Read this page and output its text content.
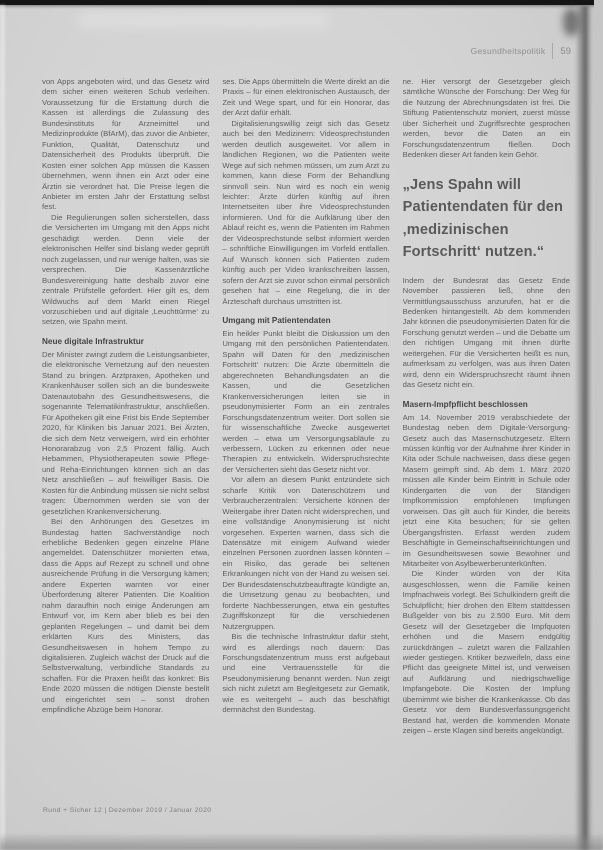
Gesundheitspolitik 59

von Apps angeboten wird, und das Gesetz wird dem sicher einen weiteren Schub verleihen. Voraussetzung für die Erstattung durch die Kassen ist allerdings die Zulassung des Bundesinstituts für Arzneimittel und Medizinprodukte (BfArM), das zuvor die Anbieter, Funktion, Qualität, Datenschutz und Datensicherheit des Produkts überprüft. Die Kosten einer solchen App müssen die Kassen übernehmen, wenn ihnen ein Arzt oder eine Ärztin sie verordnet hat. Die Preise legen die Anbieter im ersten Jahr der Erstattung selbst fest.

Die Regulierungen sollen sicherstellen, dass die Versicherten im Umgang mit den Apps nicht geschädigt werden. Denn viele der elektronischen Helfer sind bislang weder geprüft noch zugelassen, und nur wenige halten, was sie versprechen. Die Kassenärztliche Bundesvereinigung hatte deshalb zuvor eine zentrale Prüfstelle gefordert. Hier gilt es, dem Wildwuchs auf dem Markt einen Riegel vorzuschieben und auf digitale ‚Leuchttürme‘ zu setzen, wie Spahn meint.

Neue digitale Infrastruktur

Der Minister zwingt zudem die Leistungsanbieter, die elektronische Vernetzung auf den neuesten Stand zu bringen. Arztpraxen, Apotheken und Krankenhäuser sollen sich an die bundesweite Datenautobahn des Gesundheitswesens, die sogenannte Telematikinfrastruktur, anschließen. Für Apotheken gilt eine Frist bis Ende September 2020, für Kliniken bis Januar 2021. Bei Ärzten, die sich dem Netz verweigern, wird ein erhöhter Honorarabzug von 2,5 Prozent fällig. Auch Hebammen, Physiotherapeuten sowie Pflege- und Reha-Einrichtungen können sich an das Netz anschließen – auf freiwilliger Basis. Die Kosten für die Anbindung müssen sie nicht selbst tragen: Übernommen werden sie von der gesetzlichen Krankenversicherung.

Bei den Anhörungen des Gesetzes im Bundestag hatten Sachverständige noch erhebliche Bedenken gegen einzelne Pläne angemeldet. Datenschützer monierten etwa, dass die Apps auf Rezept zu schnell und ohne ausreichende Prüfung in die Versorgung kämen; andere Experten warnten vor einer Überforderung älterer Patienten. Die Koalition nahm daraufhin noch einige Änderungen am Entwurf vor, im Kern aber blieb es bei den geplanten Regelungen – und damit bei dem erklärten Kurs des Ministers, das Gesundheitswesen in hohem Tempo zu digitalisieren. Zugleich wächst der Druck auf die Selbstverwaltung, verbindliche Standards zu schaffen. Für die Praxen heißt das konkret: Bis Ende 2020 müssen die nötigen Dienste bestellt und eingerichtet sein – sonst drohen empfindliche Abzüge beim Honorar.

ses. Die Apps übermitteln die Werte direkt an die Praxis – für einen elektronischen Austausch, der Zeit und Wege spart, und für ein Honorar, das der Arzt dafür erhält.

Digitalisierungswillig zeigt sich das Gesetz auch bei den Medizinern: Videosprechstunden werden deutlich ausgeweitet. Vor allem in ländlichen Regionen, wo die Patienten weite Wege auf sich nehmen müssen, um zum Arzt zu kommen, kann diese Form der Behandlung sinnvoll sein. Nun wird es noch ein wenig leichter: Ärzte dürfen künftig auf ihren Internetseiten über ihre Videosprechstunden informieren. Und für die Aufklärung über den Ablauf reicht es, wenn die Patienten im Rahmen der Videosprechstunde selbst informiert werden – schriftliche Einwilligungen im Vorfeld entfallen. Auf Wunsch können sich Patienten zudem künftig auch per Video krankschreiben lassen, sofern der Arzt sie zuvor schon einmal persönlich gesehen hat – eine Regelung, die in der Ärzteschaft durchaus umstritten ist.

Umgang mit Patientendaten

Ein heikler Punkt bleibt die Diskussion um den Umgang mit den persönlichen Patientendaten. Spahn will Daten für den ‚medizinischen Fortschritt‘ nutzen: Die Ärzte übermitteln die abgerechneten Behandlungsdaten an die Kassen, und die Gesetzlichen Krankenversicherungen leiten sie in pseudonymisierter Form an ein zentrales Forschungsdatenzentrum weiter. Dort sollen sie für wissenschaftliche Zwecke ausgewertet werden – etwa um Versorgungsabläufe zu verbessern, Lücken zu erkennen oder neue Therapien zu entwickeln. Widerspruchsrechte der Versicherten sieht das Gesetz nicht vor.

Vor allem an diesem Punkt entzündete sich scharfe Kritik von Datenschützern und Verbraucherzentralen: Versicherte können der Weitergabe ihrer Daten nicht widersprechen, und eine vollständige Anonymisierung ist nicht vorgesehen. Experten warnen, dass sich die Datensätze mit einigem Aufwand wieder einzelnen Personen zuordnen lassen könnten – ein Risiko, das gerade bei seltenen Erkrankungen nicht von der Hand zu weisen sei. Der Bundesdatenschutzbeauftragte kündigte an, die Umsetzung genau zu beobachten, und forderte Nachbesserungen, etwa ein gestuftes Zugriffskonzept für die verschiedenen Nutzergruppen.

Bis die technische Infrastruktur dafür steht, wird es allerdings noch dauern: Das Forschungsdatenzentrum muss erst aufgebaut und eine Vertrauensstelle für die Pseudonymisierung benannt werden. Nun zeigt sich nicht zuletzt am Begleitgesetz zur Gematik, wie es weitergeht – auch das beschäftigt demnächst den Bundestag.

ne. Hier versorgt der Gesetzgeber gleich sämtliche Wünsche der Forschung: Der Weg für die Nutzung der Abrechnungsdaten ist frei. Die Stiftung Patientenschutz moniert, zuerst müsse über Sicherheit und Zugriffsrechte gesprochen werden, bevor die Daten an ein Forschungsdatenzentrum fließen. Doch Bedenken dieser Art fanden kein Gehör.

„Jens Spahn will Patientendaten für den ‚medizinischen Fortschritt‘ nutzen.“

Indem der Bundesrat das Gesetz Ende November passieren ließ, ohne den Vermittlungsausschuss anzurufen, hat er die Bedenken hintangestellt. Ab dem kommenden Jahr können die pseudonymisierten Daten für die Forschung genutzt werden – und die Debatte um den richtigen Umgang mit ihnen dürfte weitergehen. Für die Versicherten heißt es nun, aufmerksam zu verfolgen, was aus ihren Daten wird, denn ein Widerspruchsrecht räumt ihnen das Gesetz nicht ein.

Masern-Impfpflicht beschlossen

Am 14. November 2019 verabschiedete der Bundestag neben dem Digitale-Versorgung-Gesetz auch das Masernschutzgesetz. Eltern müssen künftig vor der Aufnahme ihrer Kinder in Kita oder Schule nachweisen, dass diese gegen Masern geimpft sind. Ab dem 1. März 2020 müssen alle Kinder beim Eintritt in Schule oder Kindergarten die von der Ständigen Impfkommission empfohlenen Impfungen vorweisen. Das gilt auch für Kinder, die bereits jetzt eine Kita besuchen; für sie gelten Übergangsfristen. Erfasst werden zudem Beschäftigte in Gemeinschaftseinrichtungen und im Gesundheitswesen sowie Bewohner und Mitarbeiter von Asylbewerberunterkünften.

Die Kinder würden von der Kita ausgeschlossen, wenn die Familie keinen Impfnachweis vorlegt. Bei Schulkindern greift die Schulpflicht; hier drohen den Eltern stattdessen Bußgelder von bis zu 2.500 Euro. Mit dem Gesetz will der Gesetzgeber die Impfquoten erhöhen und die Masern endgültig zurückdrängen – zuletzt waren die Fallzahlen wieder gestiegen. Kritiker bezweifeln, dass eine Pflicht das geeignete Mittel ist, und verweisen auf Aufklärung und niedrigschwellige Impfangebote. Die Kosten der Impfung übernimmt wie bisher die Krankenkasse. Ob das Gesetz vor dem Bundesverfassungsgericht Bestand hat, werden die kommenden Monate zeigen – erste Klagen sind bereits angekündigt.

Rund + Sicher 12 | Dezember 2019 / Januar 2020
